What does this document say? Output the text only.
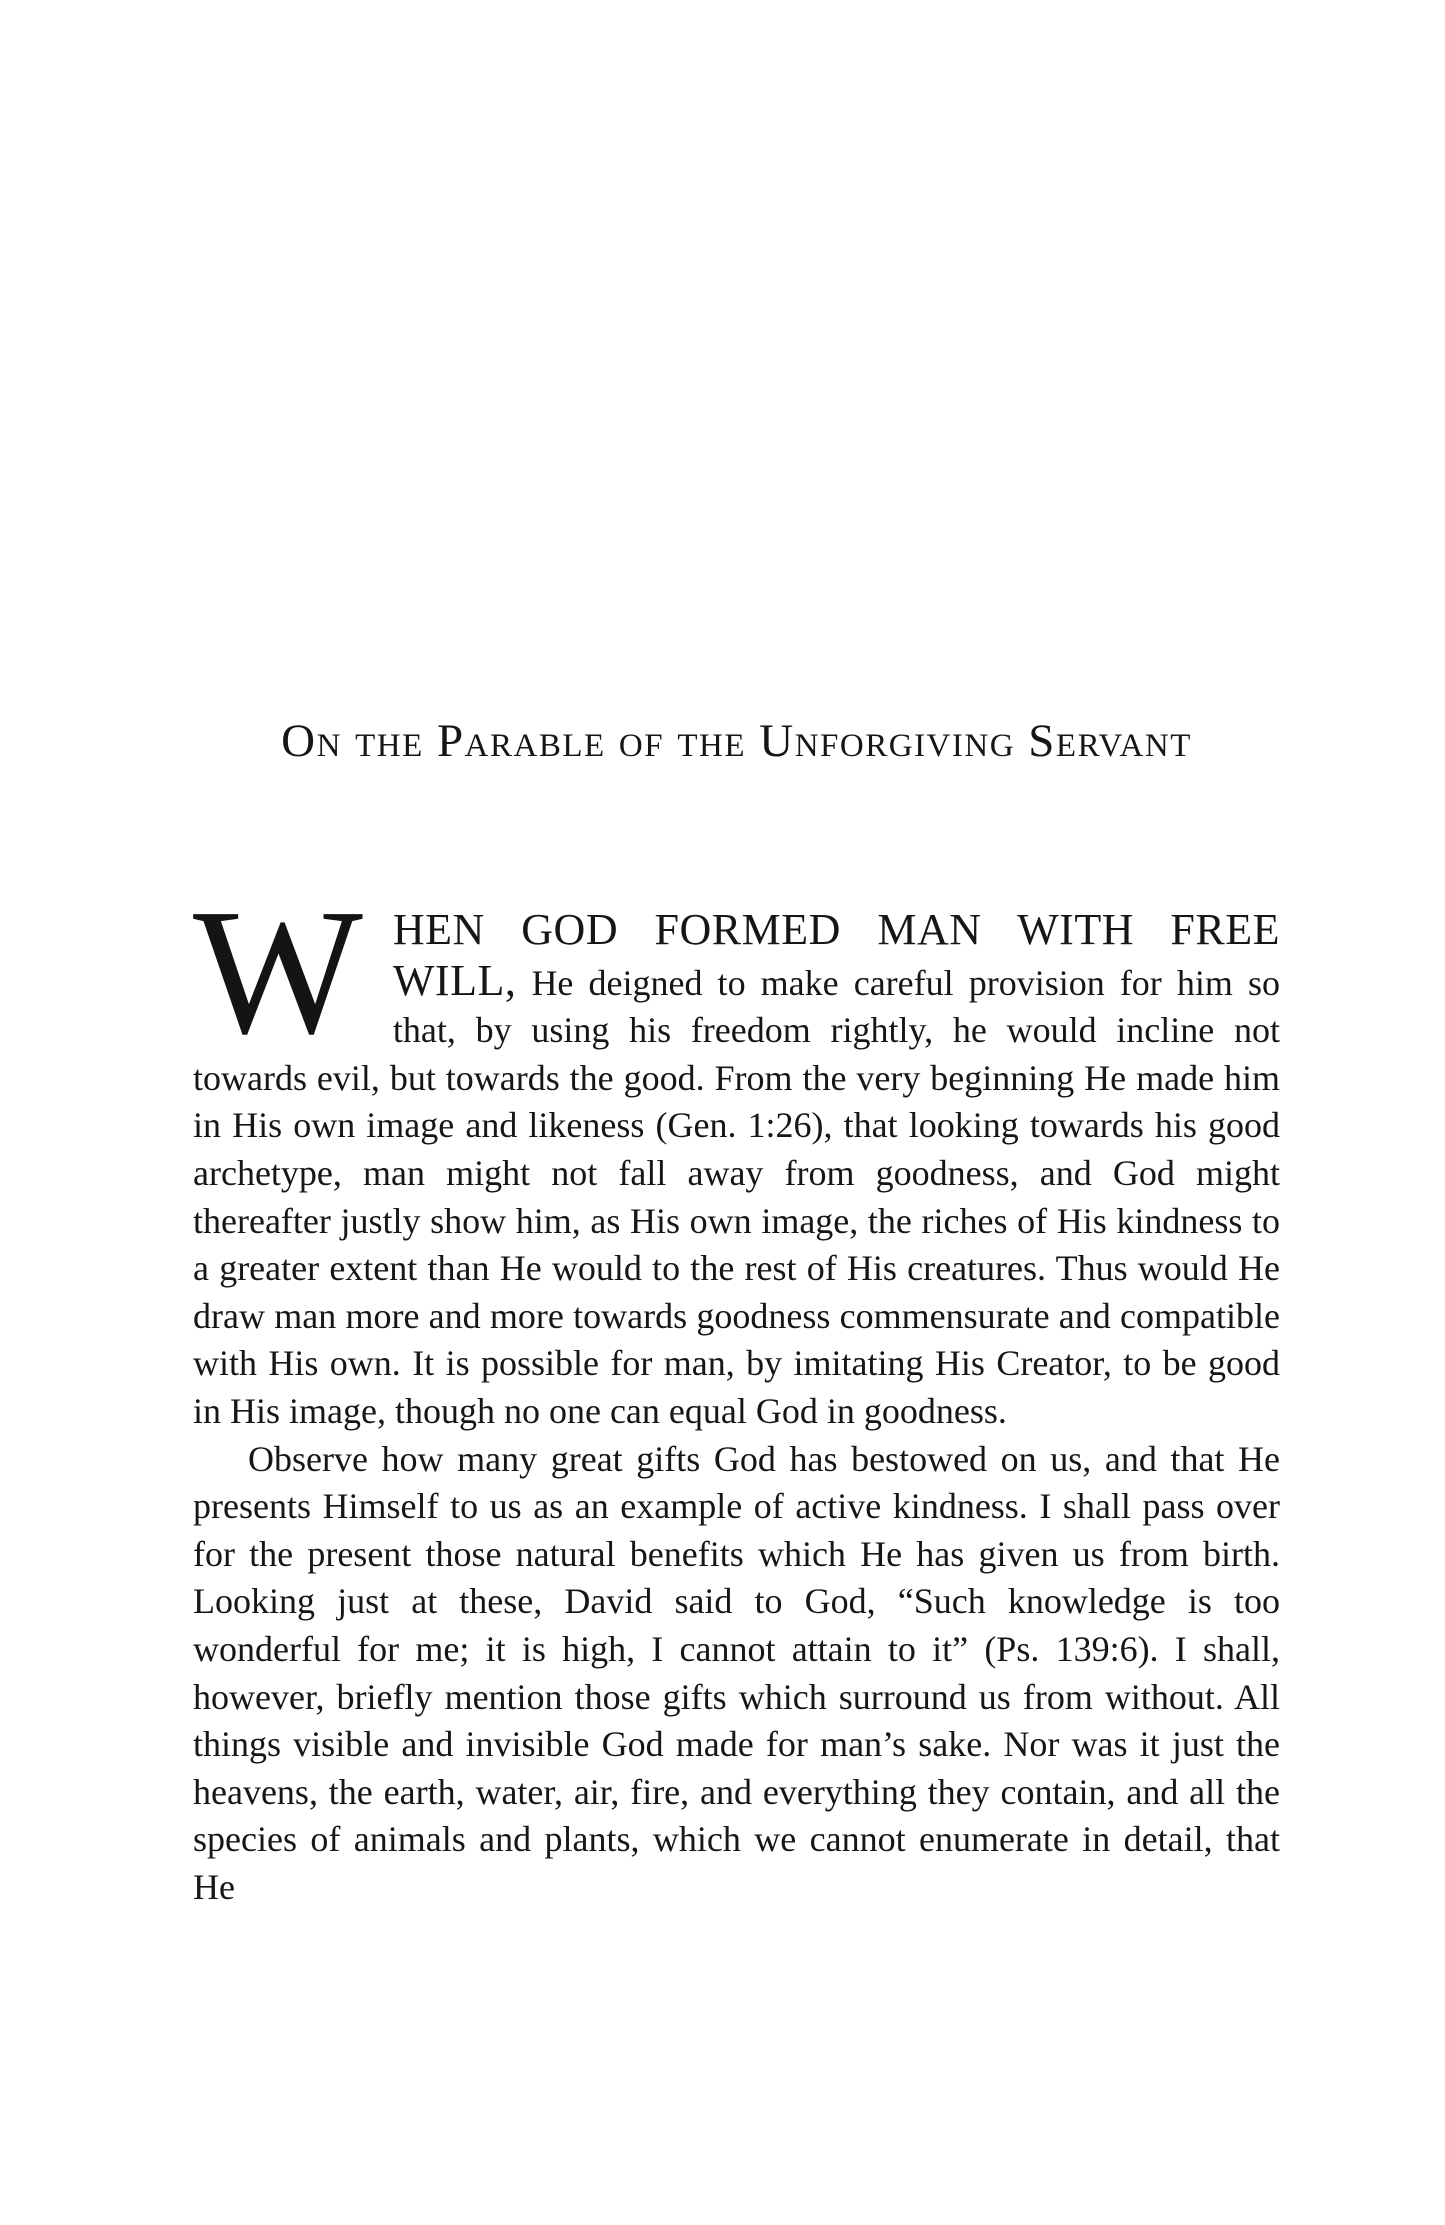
On the Parable of the Unforgiving Servant

WHEN GOD FORMED MAN WITH FREE WILL, He deigned to make careful provision for him so that, by using his freedom rightly, he would incline not towards evil, but towards the good. From the very beginning He made him in His own image and likeness (Gen. 1:26), that looking towards his good archetype, man might not fall away from goodness, and God might thereafter justly show him, as His own image, the riches of His kindness to a greater extent than He would to the rest of His creatures. Thus would He draw man more and more towards goodness commensurate and compatible with His own. It is possible for man, by imitating His Creator, to be good in His image, though no one can equal God in goodness.

Observe how many great gifts God has bestowed on us, and that He presents Himself to us as an example of active kindness. I shall pass over for the present those natural benefits which He has given us from birth. Looking just at these, David said to God, “Such knowledge is too wonderful for me; it is high, I cannot attain to it” (Ps. 139:6). I shall, however, briefly mention those gifts which surround us from without. All things visible and invisible God made for man’s sake. Nor was it just the heavens, the earth, water, air, fire, and everything they contain, and all the species of animals and plants, which we cannot enumerate in detail, that He
